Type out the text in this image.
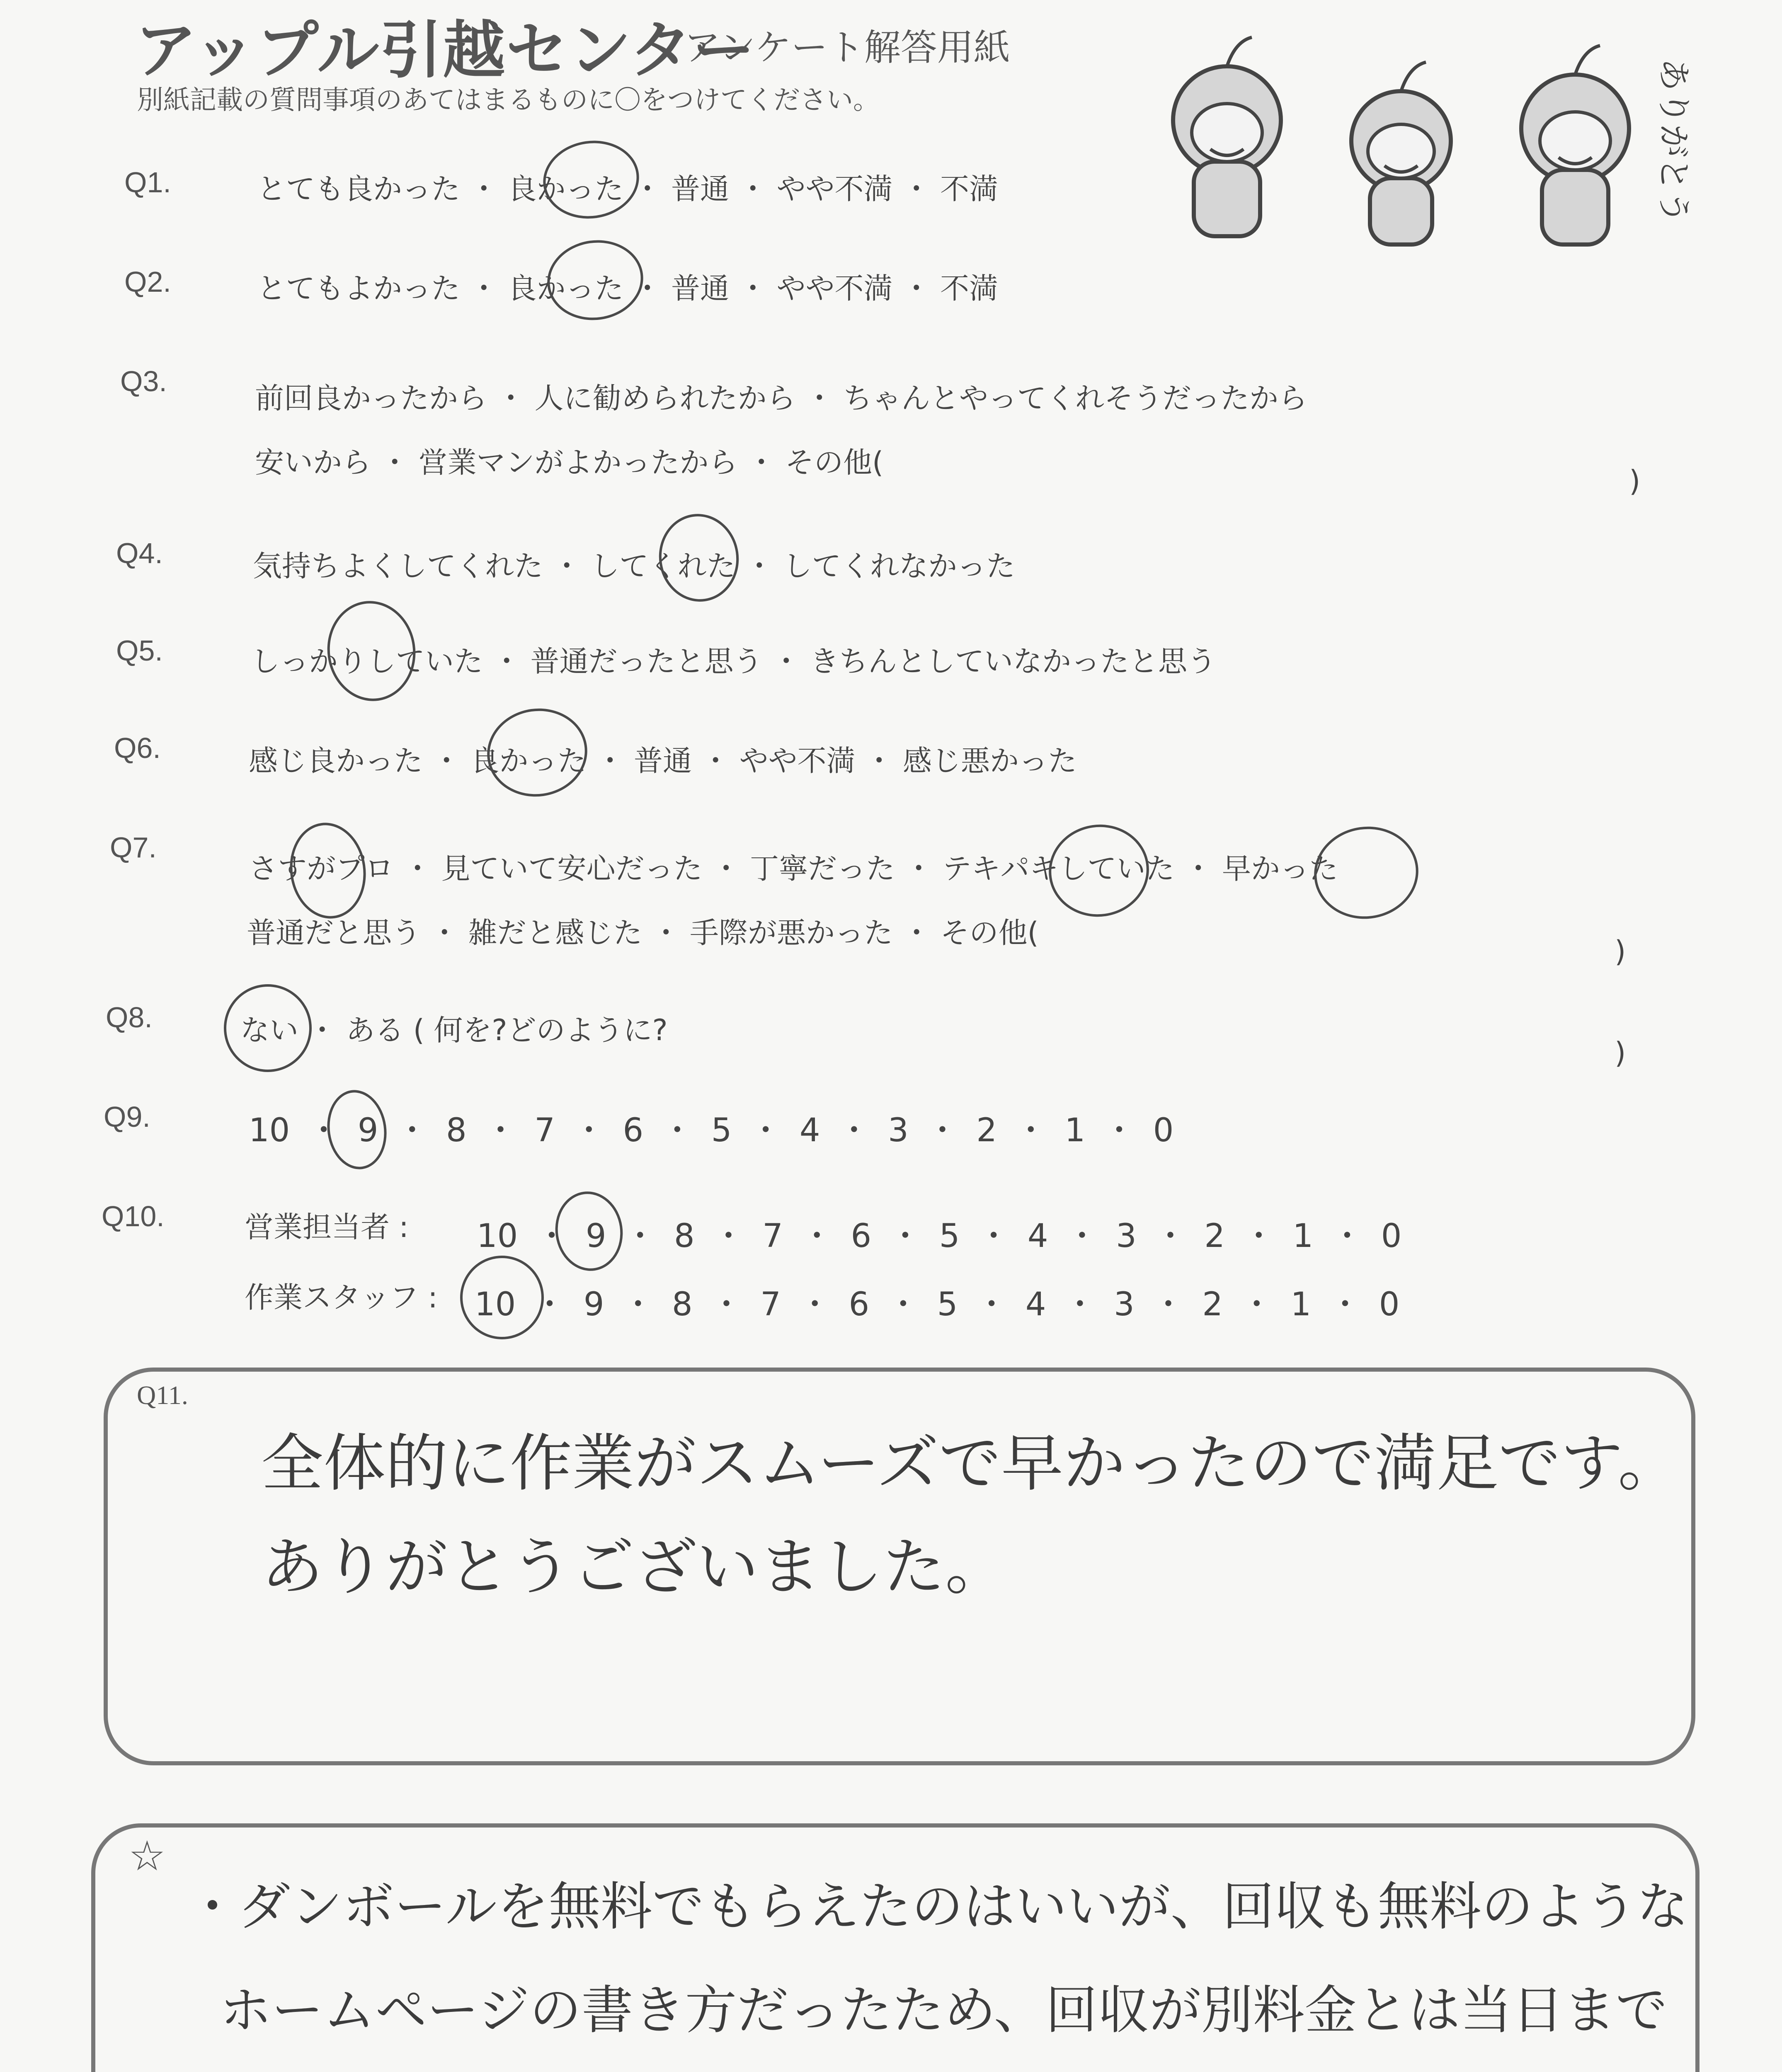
アップル引越センター
アンケート解答用紙
別紙記載の質問事項のあてはまるものに〇をつけてください。	ありがとう
Q1.	とても良かった ・ 良かった ・ 普通 ・ やや不満 ・ 不満
Q2.	とてもよかった ・ 良かった ・ 普通 ・ やや不満 ・ 不満
Q3.	前回良かったから ・ 人に勧められたから ・ ちゃんとやってくれそうだったから
安いから ・ 営業マンがよかったから ・ その他(
)
Q4.	気持ちよくしてくれた ・ してくれた ・ してくれなかった
Q5.	しっかりしていた ・ 普通だったと思う ・ きちんとしていなかったと思う
Q6.	感じ良かった ・ 良かった ・ 普通 ・ やや不満 ・ 感じ悪かった
Q7.
さすがプロ ・ 見ていて安心だった ・ 丁寧だった ・ テキパキしていた ・ 早かった
普通だと思う ・ 雑だと感じた ・ 手際が悪かった ・ その他(
)
Q8.	ない ・ ある ( 何を?どのように?
)
Q9.	10 ・ 9 ・ 8 ・ 7 ・ 6 ・ 5 ・ 4 ・ 3 ・ 2 ・ 1 ・ 0
Q10.	営業担当者 : 10 ・ 9 ・ 8 ・ 7 ・ 6 ・ 5 ・ 4 ・ 3 ・ 2 ・ 1 ・ 0
作業スタッフ : 10 ・ 9 ・ 8 ・ 7 ・ 6 ・ 5 ・ 4 ・ 3 ・ 2 ・ 1 ・ 0
Q11.
全体的に作業がスムーズで早かったので満足です。
ありがとうございました。
☆
・ダンボールを無料でもらえたのはいいが、回収も無料のような
ホームページの書き方だったため、回収が別料金とは当日まで
